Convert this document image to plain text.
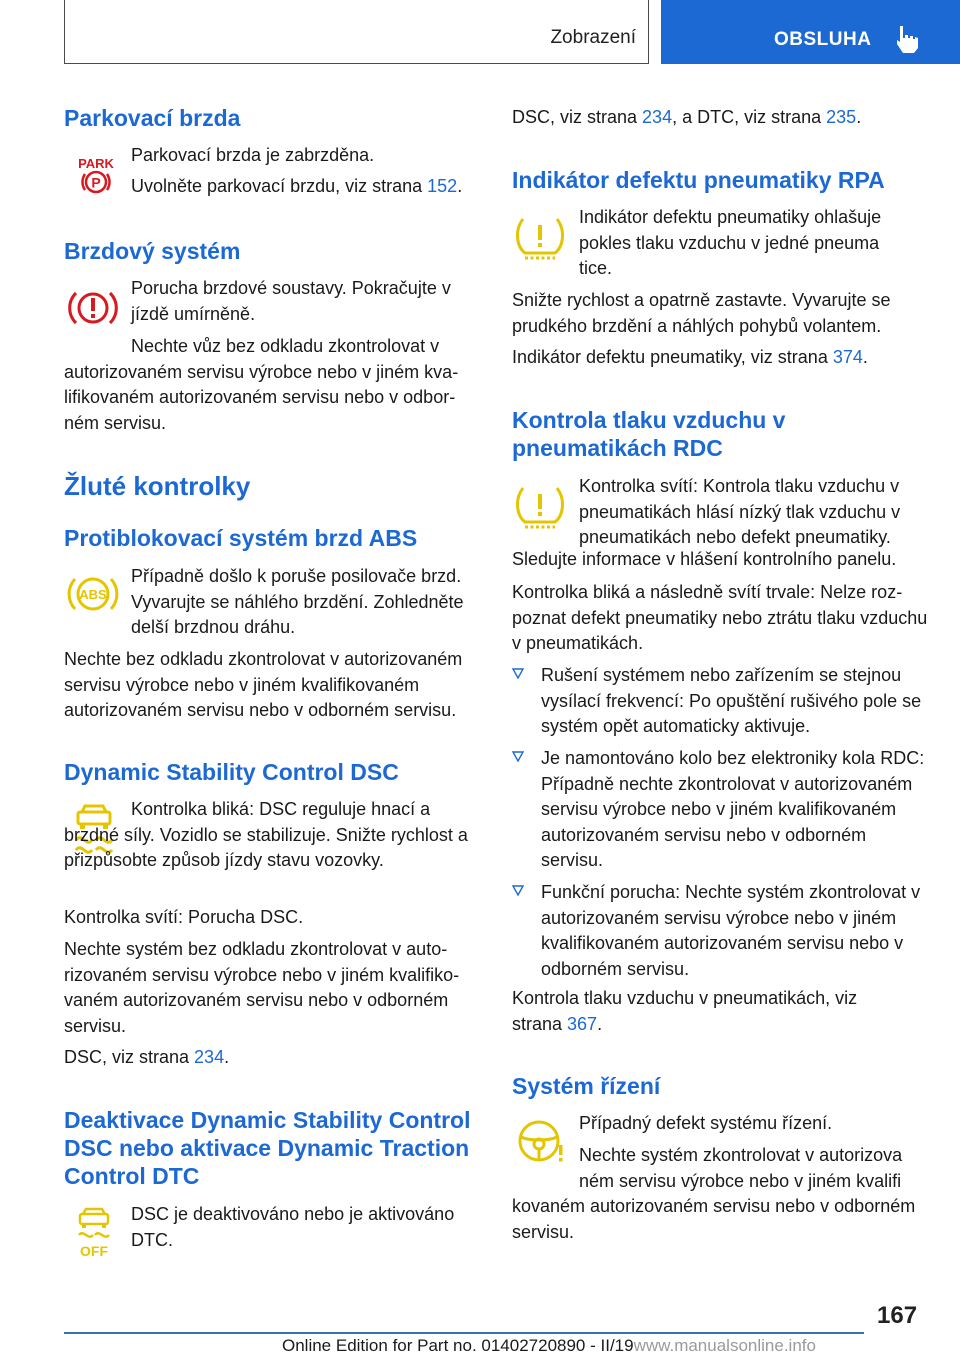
Zobrazení	OBSLUHA
Parkovací brzda
PARK
P
Parkovací brzda je zabrzděna.
Uvolněte parkovací brzdu, viz strana 152.
Brzdový systém
Porucha brzdové soustavy. Pokračujte v
jízdě umírněně.
Nechte vůz bez odkladu zkontrolovat v autorizovaném servisu výrobce nebo v jiném kvalifikovaném autorizovaném servisu nebo v odborném servisu.
Žluté kontrolky
Protiblokovací systém brzd ABS
ABS
Případně došlo k poruše posilovače brzd.
Vyvarujte se náhlého brzdění. Zohledněte
delší brzdnou dráhu.
Nechte bez odkladu zkontrolovat v autorizovaném servisu výrobce nebo v jiném kvalifikovaném autorizovaném servisu nebo v odborném servisu.
Dynamic Stability Control DSC
Kontrolka bliká: DSC reguluje hnací a brzdné síly. Vozidlo se stabilizuje. Snižte rychlost a přizpůsobte způsob jízdy stavu vozovky.
Kontrolka svítí: Porucha DSC.
Nechte systém bez odkladu zkontrolovat v autorizovaném servisu výrobce nebo v jiném kvalifikovaném autorizovaném servisu nebo v odborném servisu.
DSC, viz strana 234.
Deaktivace Dynamic Stability Control DSC nebo aktivace Dynamic Traction Control DTC
OFF
DSC je deaktivováno nebo je aktivováno
DTC.
DSC, viz strana 234, a DTC, viz strana 235.
Indikátor defektu pneumatiky RPA
Indikátor defektu pneumatiky ohlašuje
pokles tlaku vzduchu v jedné pneuma
tice.
Snižte rychlost a opatrně zastavte. Vyvarujte se prudkého brzdění a náhlých pohybů volantem.
Indikátor defektu pneumatiky, viz strana 374.
Kontrola tlaku vzduchu v pneumatikách RDC
Kontrolka svítí: Kontrola tlaku vzduchu v
pneumatikách hlásí nízký tlak vzduchu v
pneumatikách nebo defekt pneumatiky.
Sledujte informace v hlášení kontrolního panelu.
Kontrolka bliká a následně svítí trvale: Nelze rozpoznat defekt pneumatiky nebo ztrátu tlaku vzduchu v pneumatikách.
Rušení systémem nebo zařízením se stejnou vysílací frekvencí: Po opuštění rušivého pole se systém opět automaticky aktivuje.
Je namontováno kolo bez elektroniky kola RDC: Případně nechte zkontrolovat v autorizovaném servisu výrobce nebo v jiném kvalifikovaném autorizovaném servisu nebo v odborném servisu.
Funkční porucha: Nechte systém zkontrolovat v autorizovaném servisu výrobce nebo v jiném kvalifikovaném autorizovaném servisu nebo v odborném servisu.
Kontrola tlaku vzduchu v pneumatikách, viz strana 367.
Systém řízení
Případný defekt systému řízení.
Nechte systém zkontrolovat v autorizova
ném servisu výrobce nebo v jiném kvalifi
kovaném autorizovaném servisu nebo v odborném servisu.
167
Online Edition for Part no. 01402720890 - II/19www.manualsonline.info
